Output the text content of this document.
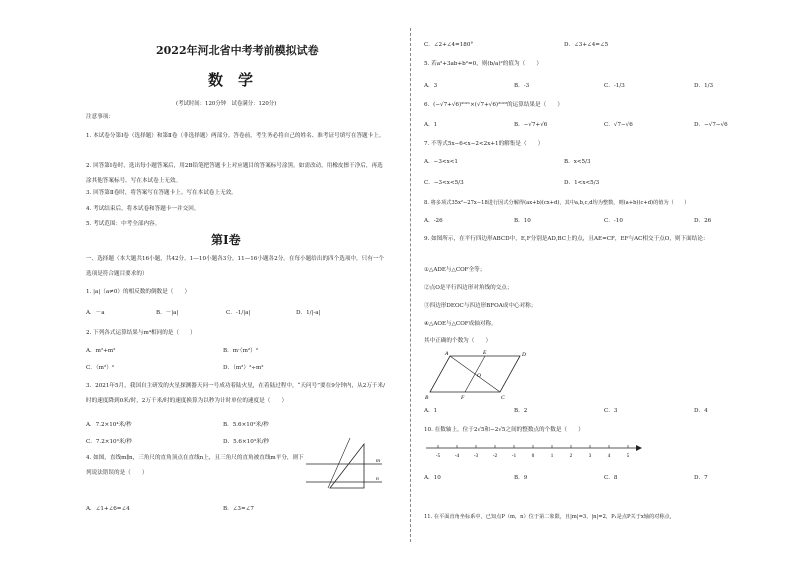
2022年河北省中考考前模拟试卷
数　学
(考试时间：120分钟　试卷满分：120分)
注意事项：
1. 本试卷分第Ⅰ卷（选择题）和第Ⅱ卷（非选择题）两部分。答卷前，考生务必将自己的姓名、准考证号填写在答题卡上。
2. 回答第Ⅰ卷时，选出每小题答案后，用2B铅笔把答题卡上对应题目的答案标号涂黑。如需改动，用橡皮擦干净后，再选涂其他答案标号。写在本试卷上无效。
3. 回答第Ⅱ卷时，将答案写在答题卡上。写在本试卷上无效。
4. 考试结束后，将本试卷和答题卡一并交回。
5. 考试范围：中考全部内容。
第Ⅰ卷
一、选择题（本大题共16小题，共42分。1—10小题各3分，11—16小题各2分。在每小题给出的四个选项中，只有一个选项是符合题目要求的）
1. |a|（a≠0）的相反数的倒数是（　　）
A．－a	B．－|a|	C．-1/|a|	D．1/|-a|
2. 下列各式运算结果与m⁴相同的是（　　）
A．m²+m²	B．m·（m²）²
C．（m²）²	D．（m²）²÷m²
3．2021年5月，我国自主研发的火星探测器天问一号成功着陆火星，在着陆过程中，“天问号”要在9分钟内，从2万千米/时的速度降到0米/时，2万千米/时的速度换算为以秒为计时单位的速度是（　　）
A．7.2×10⁴米/秒	B．5.6×10²米/秒
C．7.2×10³米/秒	D．5.6×10³米/秒
4. 如图，直线m∥n，三角尺的直角顶点在直线n上，且三角尺的直角被直线m平分，则下列说法错误的是（　　）
m
n
A．∠1+∠6=∠4	B．∠3=∠7
C．∠2+∠4=180°	D．∠3+∠4=∠5
5. 若a²+3ab+b²=0，则(b/a)²的值为（　　）
A．3	B．-3	C．-1/3	D．1/3
6．(−√7+√6)²⁰²¹×(√7+√6)²⁰²²的运算结果是（　　）
A．1	B．−√7+√6	C．√7−√6	D．−√7−√6
7. 不等式5x−6<x−2<2x+1的解集是（　　）
A．−3<x<1	B．x<5/3
C．−3<x<5/3	D．1<x<5/3
8. 将多项式35x²−27x−18进行因式分解得(ax+b)(cx+d)，其中a,b,c,d均为整数，则(a+b)(c+d)的值为（　　）
A．-26	B．10	C．-10	D．26
9. 如图所示，在平行四边形ABCD中，E,F分别是AD,BC上的点，且AE=CF，EF与AC相交于点O，则下面结论：
①△ADE与△COF全等；
②点O是平行四边形对角线的交点；
③四边形DEOC与四边形BFOA成中心对称；
④△AOE与△COF成轴对称。
其中正确的个数为（　　）
A	E	D
O
B	F	C
A．1	B．2	C．3	D．4
10. 在数轴上，位于2√5和−2√5之间的整数点的个数是（　　）
-5	-4	-3	-2	-1	0	1	2	3	4	5
A．10	B．9	C．8	D．7
11. 在平面直角坐标系中，已知点P（m，n）位于第二象限，且|m|=3，|n|=2，P₁是点P关于x轴的对称点，
